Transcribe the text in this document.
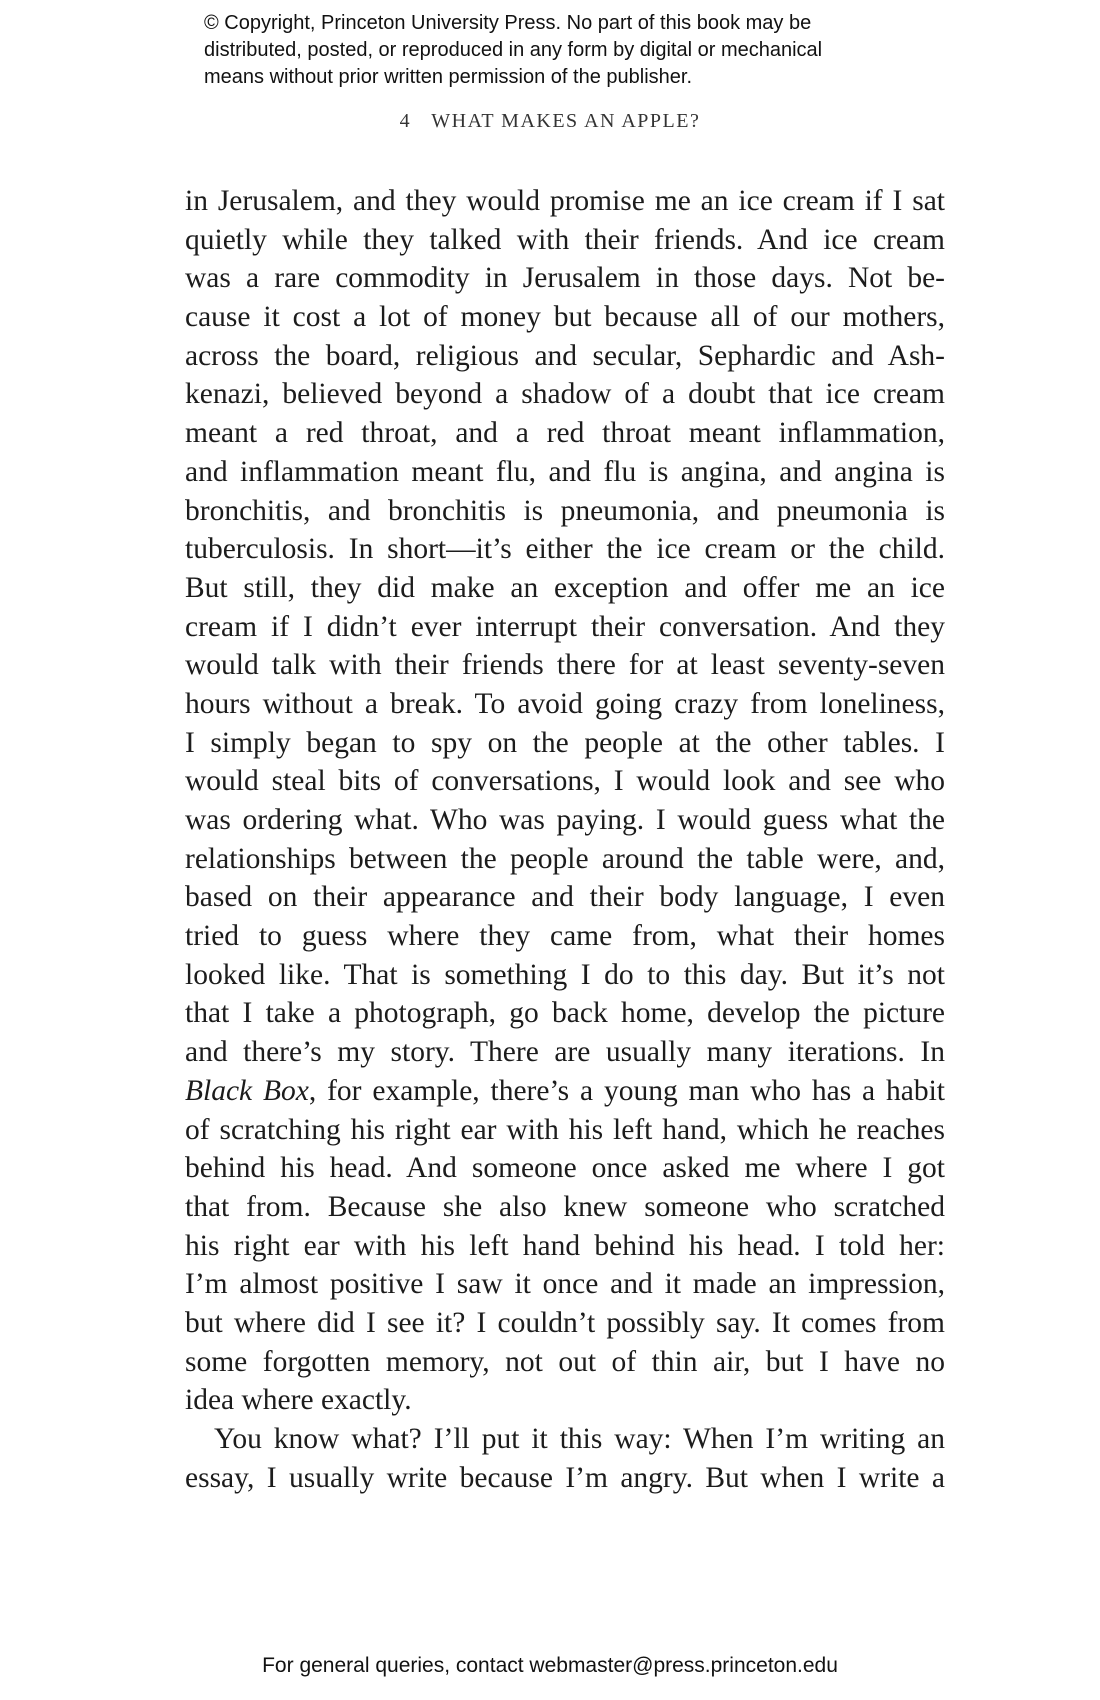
© Copyright, Princeton University Press. No part of this book may be
distributed, posted, or reproduced in any form by digital or mechanical
means without prior written permission of the publisher.
4 WHAT MAKES AN APPLE?
in Jerusalem, and they would promise me an ice cream if I sat
quietly while they talked with their friends. And ice cream
was a rare commodity in Jerusalem in those days. Not be-
cause it cost a lot of money but because all of our mothers,
across the board, religious and secular, Sephardic and Ash-
kenazi, believed beyond a shadow of a doubt that ice cream
meant a red throat, and a red throat meant inflammation,
and inflammation meant flu, and flu is angina, and angina is
bronchitis, and bronchitis is pneumonia, and pneumonia is
tuberculosis. In short—it’s either the ice cream or the child.
But still, they did make an exception and offer me an ice
cream if I didn’t ever interrupt their conversation. And they
would talk with their friends there for at least seventy-seven
hours without a break. To avoid going crazy from loneliness,
I simply began to spy on the people at the other tables. I
would steal bits of conversations, I would look and see who
was ordering what. Who was paying. I would guess what the
relationships between the people around the table were, and,
based on their appearance and their body language, I even
tried to guess where they came from, what their homes
looked like. That is something I do to this day. But it’s not
that I take a photograph, go back home, develop the picture
and there’s my story. There are usually many iterations. In
Black Box, for example, there’s a young man who has a habit
of scratching his right ear with his left hand, which he reaches
behind his head. And someone once asked me where I got
that from. Because she also knew someone who scratched
his right ear with his left hand behind his head. I told her:
I’m almost positive I saw it once and it made an impression,
but where did I see it? I couldn’t possibly say. It comes from
some forgotten memory, not out of thin air, but I have no
idea where exactly.
You know what? I’ll put it this way: When I’m writing an
essay, I usually write because I’m angry. But when I write a
For general queries, contact webmaster@press.princeton.edu
